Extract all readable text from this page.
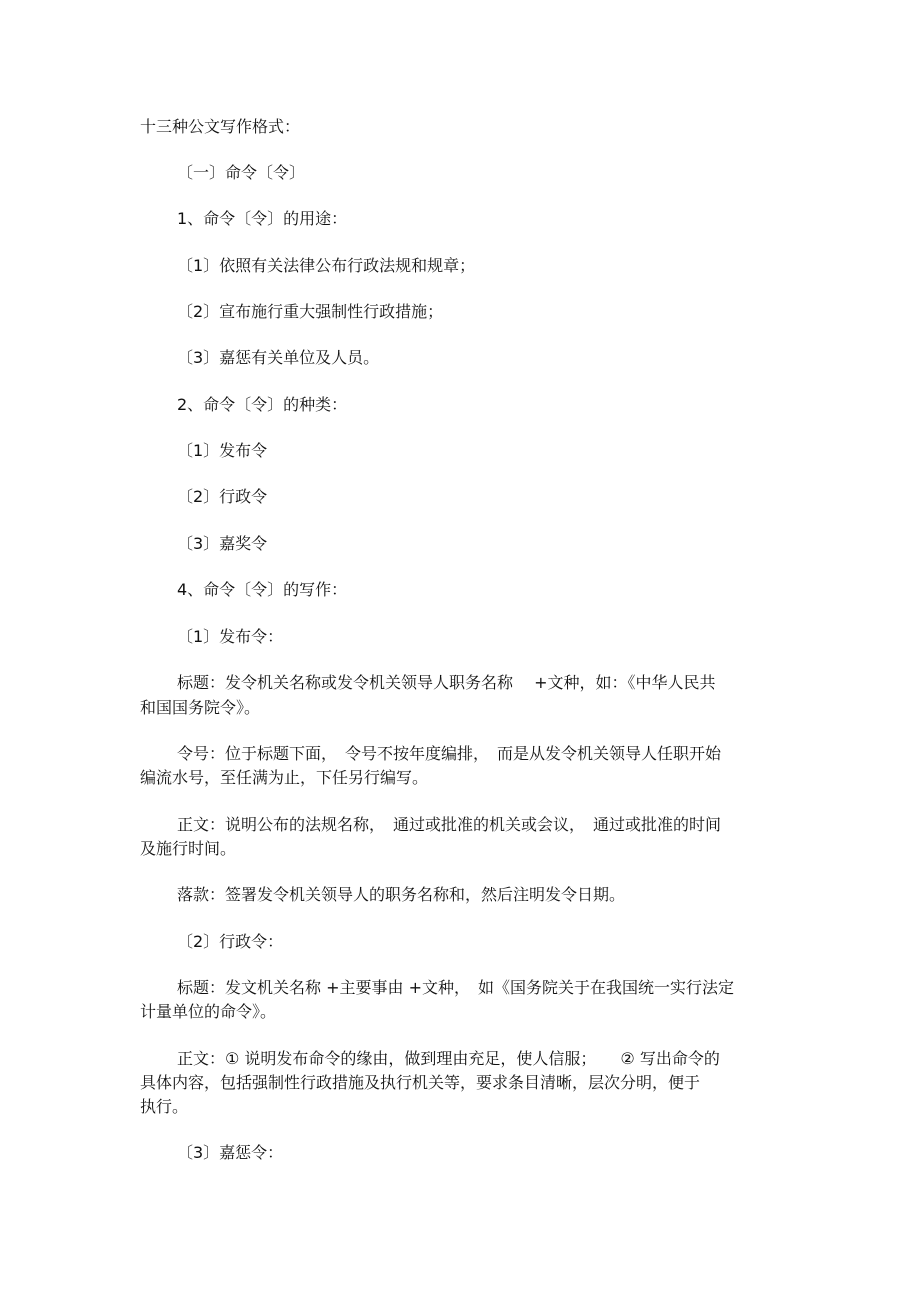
十三种公文写作格式：

〔一〕命令〔令〕

1、命令〔令〕的用途：

〔1〕依照有关法律公布行政法规和规章；

〔2〕宣布施行重大强制性行政措施；

〔3〕嘉惩有关单位及人员。

2、命令〔令〕的种类：

〔1〕发布令

〔2〕行政令

〔3〕嘉奖令

4、命令〔令〕的写作：

〔1〕发布令：

标题：发令机关名称或发令机关领导人职务名称　 +文种，如：《中华人民共

和国国务院令》。

令号：位于标题下面，　令号不按年度编排，　而是从发令机关领导人任职开始

编流水号，至任满为止，下任另行编写。

正文：说明公布的法规名称，　通过或批准的机关或会议，　通过或批准的时间

及施行时间。

落款：签署发令机关领导人的职务名称和，然后注明发令日期。

〔2〕行政令：

标题：发文机关名称 +主要事由 +文种，　如《国务院关于在我国统一实行法定

计量单位的命令》。

正文：① 说明发布命令的缘由，做到理由充足，使人信服；　　② 写出命令的

具体内容，包括强制性行政措施及执行机关等，要求条目清晰，层次分明，便于

执行。

〔3〕嘉惩令：
